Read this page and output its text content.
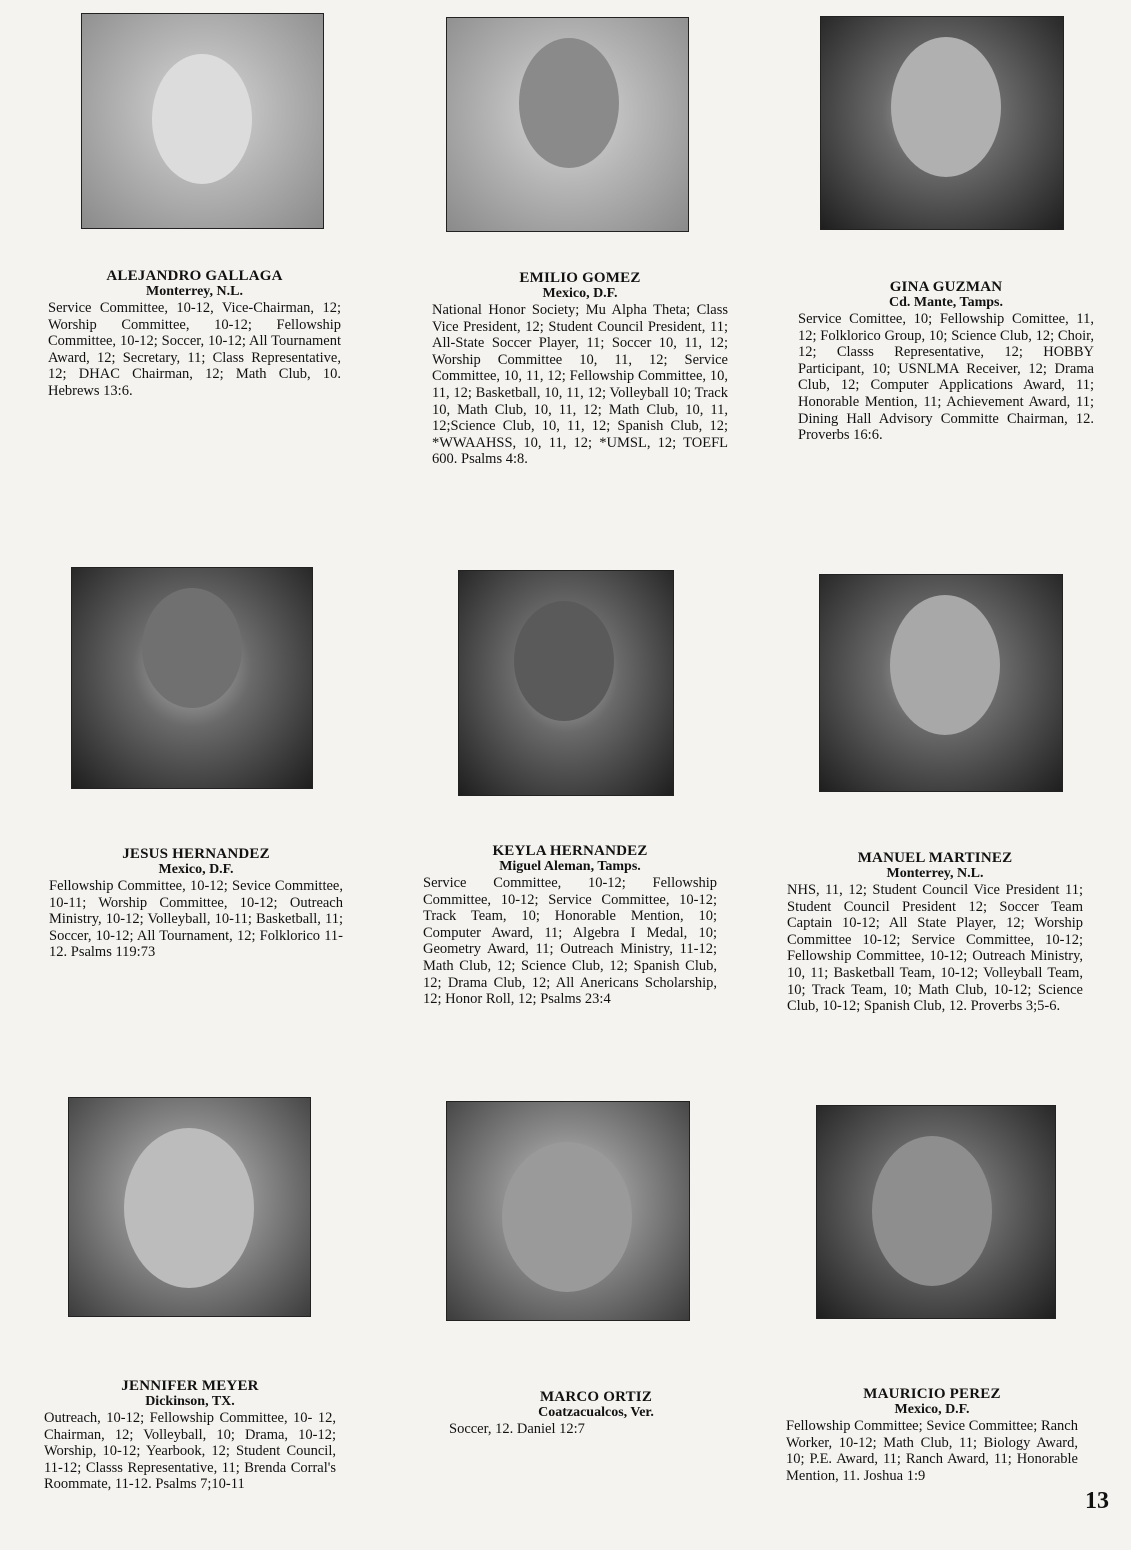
ALEJANDRO GALLAGA
Monterrey, N.L.
Service Committee, 10-12, Vice-Chairman, 12; Worship Committee, 10-12; Fellowship Committee, 10-12; Soccer, 10-12; All Tournament Award, 12; Secretary, 11; Class Representative, 12; DHAC Chairman, 12; Math Club, 10. Hebrews 13:6.
EMILIO GOMEZ
Mexico, D.F.
National Honor Society; Mu Alpha Theta; Class Vice President, 12; Student Council President, 11; All-State Soccer Player, 11; Soccer 10, 11, 12; Worship Committee 10, 11, 12; Service Committee, 10, 11, 12; Fellowship Committee, 10, 11, 12; Basketball, 10, 11, 12; Volleyball 10; Track 10, Math Club, 10, 11, 12; Math Club, 10, 11, 12;Science Club, 10, 11, 12; Spanish Club, 12; *WWAAHSS, 10, 11, 12; *UMSL, 12; TOEFL 600. Psalms 4:8.
GINA GUZMAN
Cd. Mante, Tamps.
Service Comittee, 10; Fellowship Comittee, 11, 12; Folklorico Group, 10; Science Club, 12; Choir, 12; Classs Representative, 12; HOBBY Participant, 10; USNLMA Receiver, 12; Drama Club, 12; Computer Applications Award, 11; Honorable Mention, 11; Achievement Award, 11; Dining Hall Advisory Committe Chairman, 12. Proverbs 16:6.
JESUS HERNANDEZ
Mexico, D.F.
Fellowship Committee, 10-12; Sevice Committee, 10-11; Worship Committee, 10-12; Outreach Ministry, 10-12; Volleyball, 10-11; Basketball, 11; Soccer, 10-12; All Tournament, 12; Folklorico 11-12. Psalms 119:73
KEYLA HERNANDEZ
Miguel Aleman, Tamps.
Service Committee, 10-12; Fellowship Committee, 10-12; Service Committee, 10-12; Track Team, 10; Honorable Mention, 10; Computer Award, 11; Algebra I Medal, 10; Geometry Award, 11; Outreach Ministry, 11-12; Math Club, 12; Science Club, 12; Spanish Club, 12; Drama Club, 12; All Anericans Scholarship, 12; Honor Roll, 12; Psalms 23:4
MANUEL MARTINEZ
Monterrey, N.L.
NHS, 11, 12; Student Council Vice President 11; Student Council President 12; Soccer Team Captain 10-12; All State Player, 12; Worship Committee 10-12; Service Committee, 10-12; Fellowship Committee, 10-12; Outreach Ministry, 10, 11; Basketball Team, 10-12; Volleyball Team, 10; Track Team, 10; Math Club, 10-12; Science Club, 10-12; Spanish Club, 12. Proverbs 3;5-6.
JENNIFER MEYER
Dickinson, TX.
Outreach, 10-12; Fellowship Committee, 10- 12, Chairman, 12; Volleyball, 10; Drama, 10-12; Worship, 10-12; Yearbook, 12; Student Council, 11-12; Classs Representative, 11; Brenda Corral's Roommate, 11-12. Psalms 7;10-11
MARCO ORTIZ
Coatzacualcos, Ver.
Soccer, 12. Daniel 12:7
MAURICIO PEREZ
Mexico, D.F.
Fellowship Committee; Sevice Committee; Ranch Worker, 10-12; Math Club, 11; Biology Award, 10; P.E. Award, 11; Ranch Award, 11; Honorable Mention, 11. Joshua 1:9
13
